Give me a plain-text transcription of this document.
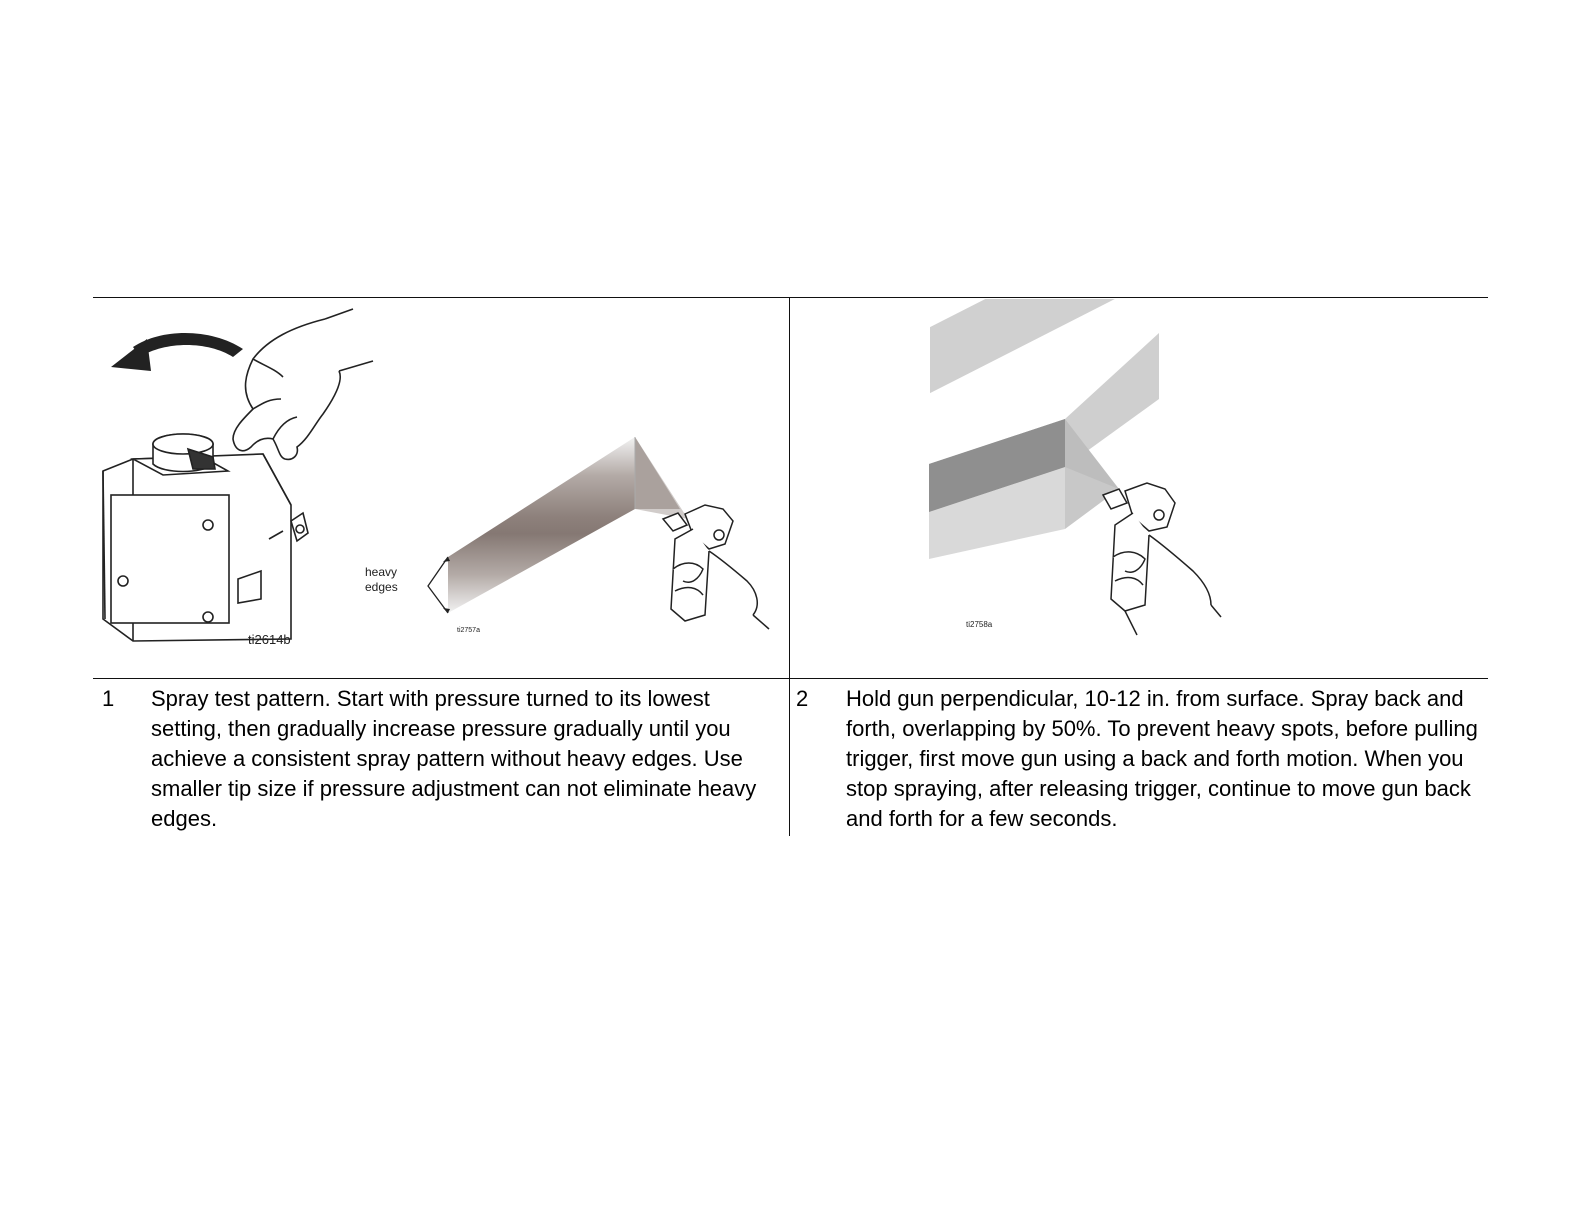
ti2614b
heavy
edges
ti2757a
ti2758a
1 Spray test pattern. Start with pressure turned to its lowest setting, then gradually increase pressure gradually until you achieve a consistent spray pattern without heavy edges. Use smaller tip size if pressure adjustment can not eliminate heavy edges.
2 Hold gun perpendicular, 10-12 in. from surface. Spray back and forth, overlapping by 50%. To prevent heavy spots, before pulling trigger, first move gun using a back and forth motion. When you stop spraying, after releasing trigger, continue to move gun back and forth for a few seconds.
